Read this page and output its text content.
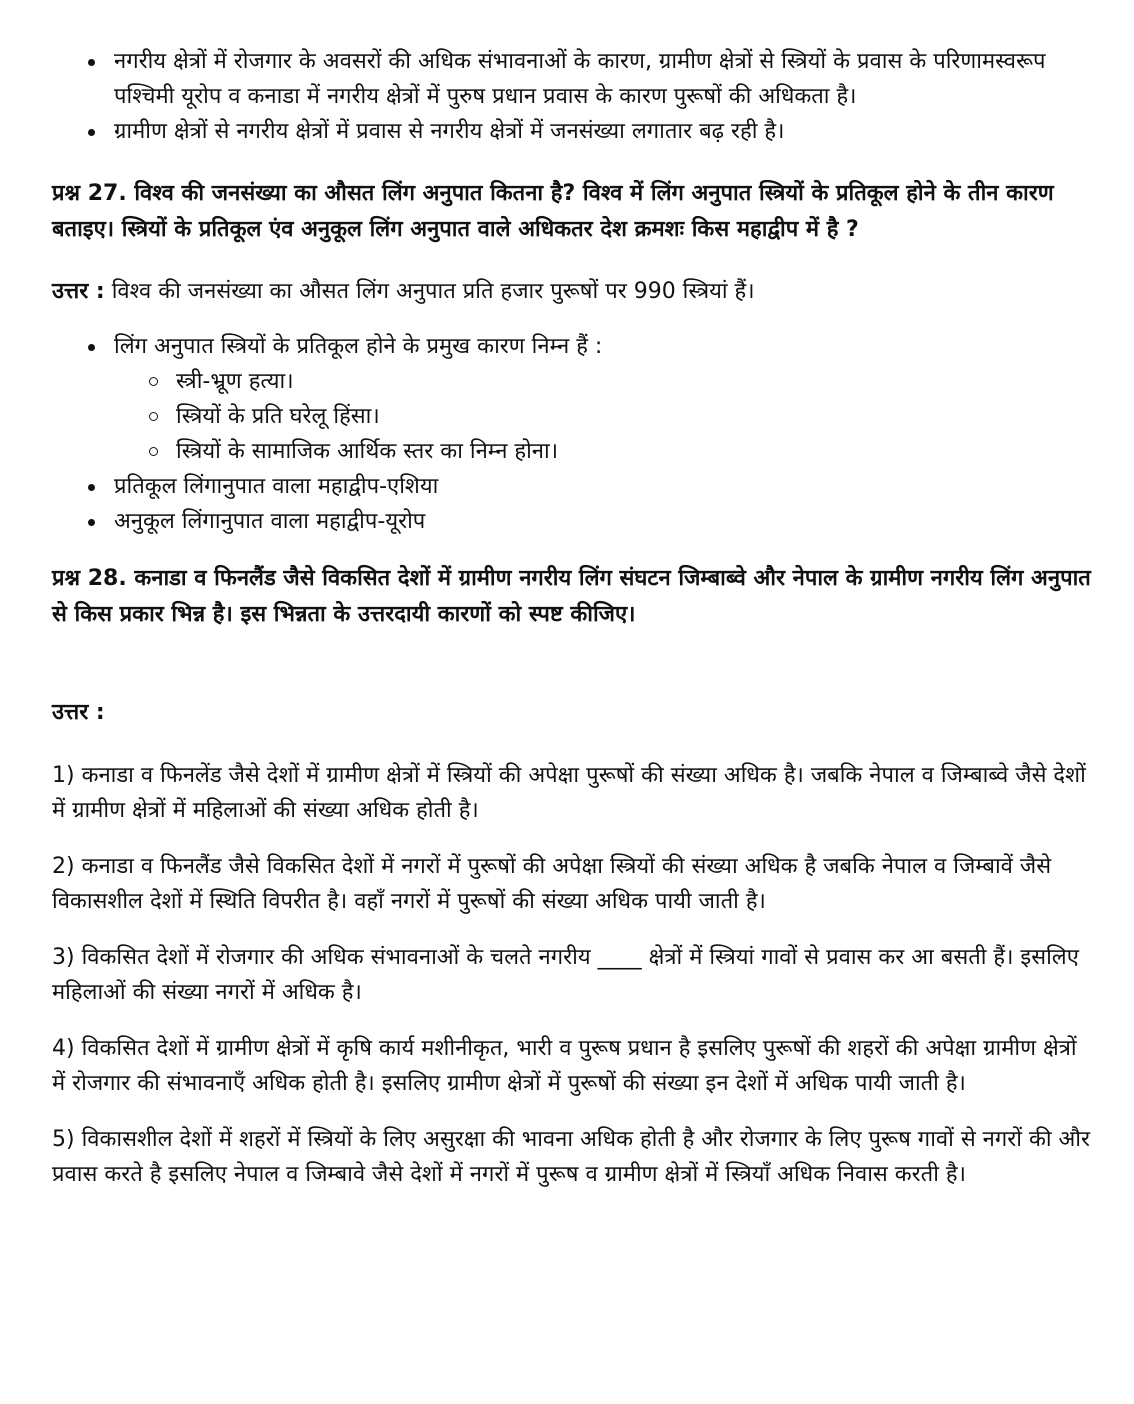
नगरीय क्षेत्रों में रोजगार के अवसरों की अधिक संभावनाओं के कारण, ग्रामीण क्षेत्रों से स्त्रियों के प्रवास के परिणामस्वरूप पश्चिमी यूरोप व कनाडा में नगरीय क्षेत्रों में पुरुष प्रधान प्रवास के कारण पुरूषों की अधिकता है।
ग्रामीण क्षेत्रों से नगरीय क्षेत्रों में प्रवास से नगरीय क्षेत्रों में जनसंख्या लगातार बढ़ रही है।

प्रश्न 27. विश्व की जनसंख्या का औसत लिंग अनुपात कितना है? विश्व में लिंग अनुपात स्त्रियों के प्रतिकूल होने के तीन कारण बताइए। स्त्रियों के प्रतिकूल एंव अनुकूल लिंग अनुपात वाले अधिकतर देश क्रमशः किस महाद्वीप में है ?

उत्तर : विश्व की जनसंख्या का औसत लिंग अनुपात प्रति हजार पुरूषों पर 990 स्त्रियां हैं।

लिंग अनुपात स्त्रियों के प्रतिकूल होने के प्रमुख कारण निम्न हैं :
स्त्री-भ्रूण हत्या।
स्त्रियों के प्रति घरेलू हिंसा।
स्त्रियों के सामाजिक आर्थिक स्तर का निम्न होना।
प्रतिकूल लिंगानुपात वाला महाद्वीप-एशिया
अनुकूल लिंगानुपात वाला महाद्वीप-यूरोप

प्रश्न 28. कनाडा व फिनलैंड जैसे विकसित देशों में ग्रामीण नगरीय लिंग संघटन जिम्बाब्वे और नेपाल के ग्रामीण नगरीय लिंग अनुपात से किस प्रकार भिन्न है। इस भिन्नता के उत्तरदायी कारणों को स्पष्ट कीजिए।

उत्तर :

1) कनाडा व फिनलेंड जैसे देशों में ग्रामीण क्षेत्रों में स्त्रियों की अपेक्षा पुरूषों की संख्या अधिक है। जबकि नेपाल व जिम्बाब्वे जैसे देशों में ग्रामीण क्षेत्रों में महिलाओं की संख्या अधिक होती है।

2) कनाडा व फिनलैंड जैसे विकसित देशों में नगरों में पुरूषों की अपेक्षा स्त्रियों की संख्या अधिक है जबकि नेपाल व जिम्बावें जैसे विकासशील देशों में स्थिति विपरीत है। वहाँ नगरों में पुरूषों की संख्या अधिक पायी जाती है।

3) विकसित देशों में रोजगार की अधिक संभावनाओं के चलते नगरीय ____ क्षेत्रों में स्त्रियां गावों से प्रवास कर आ बसती हैं। इसलिए महिलाओं की संख्या नगरों में अधिक है।

4) विकसित देशों में ग्रामीण क्षेत्रों में कृषि कार्य मशीनीकृत, भारी व पुरूष प्रधान है इसलिए पुरूषों की शहरों की अपेक्षा ग्रामीण क्षेत्रों में रोजगार की संभावनाएँ अधिक होती है। इसलिए ग्रामीण क्षेत्रों में पुरूषों की संख्या इन देशों में अधिक पायी जाती है।

5) विकासशील देशों में शहरों में स्त्रियों के लिए असुरक्षा की भावना अधिक होती है और रोजगार के लिए पुरूष गावों से नगरों की और प्रवास करते है इसलिए नेपाल व जिम्बावे जैसे देशों में नगरों में पुरूष व ग्रामीण क्षेत्रों में स्त्रियाँ अधिक निवास करती है।
